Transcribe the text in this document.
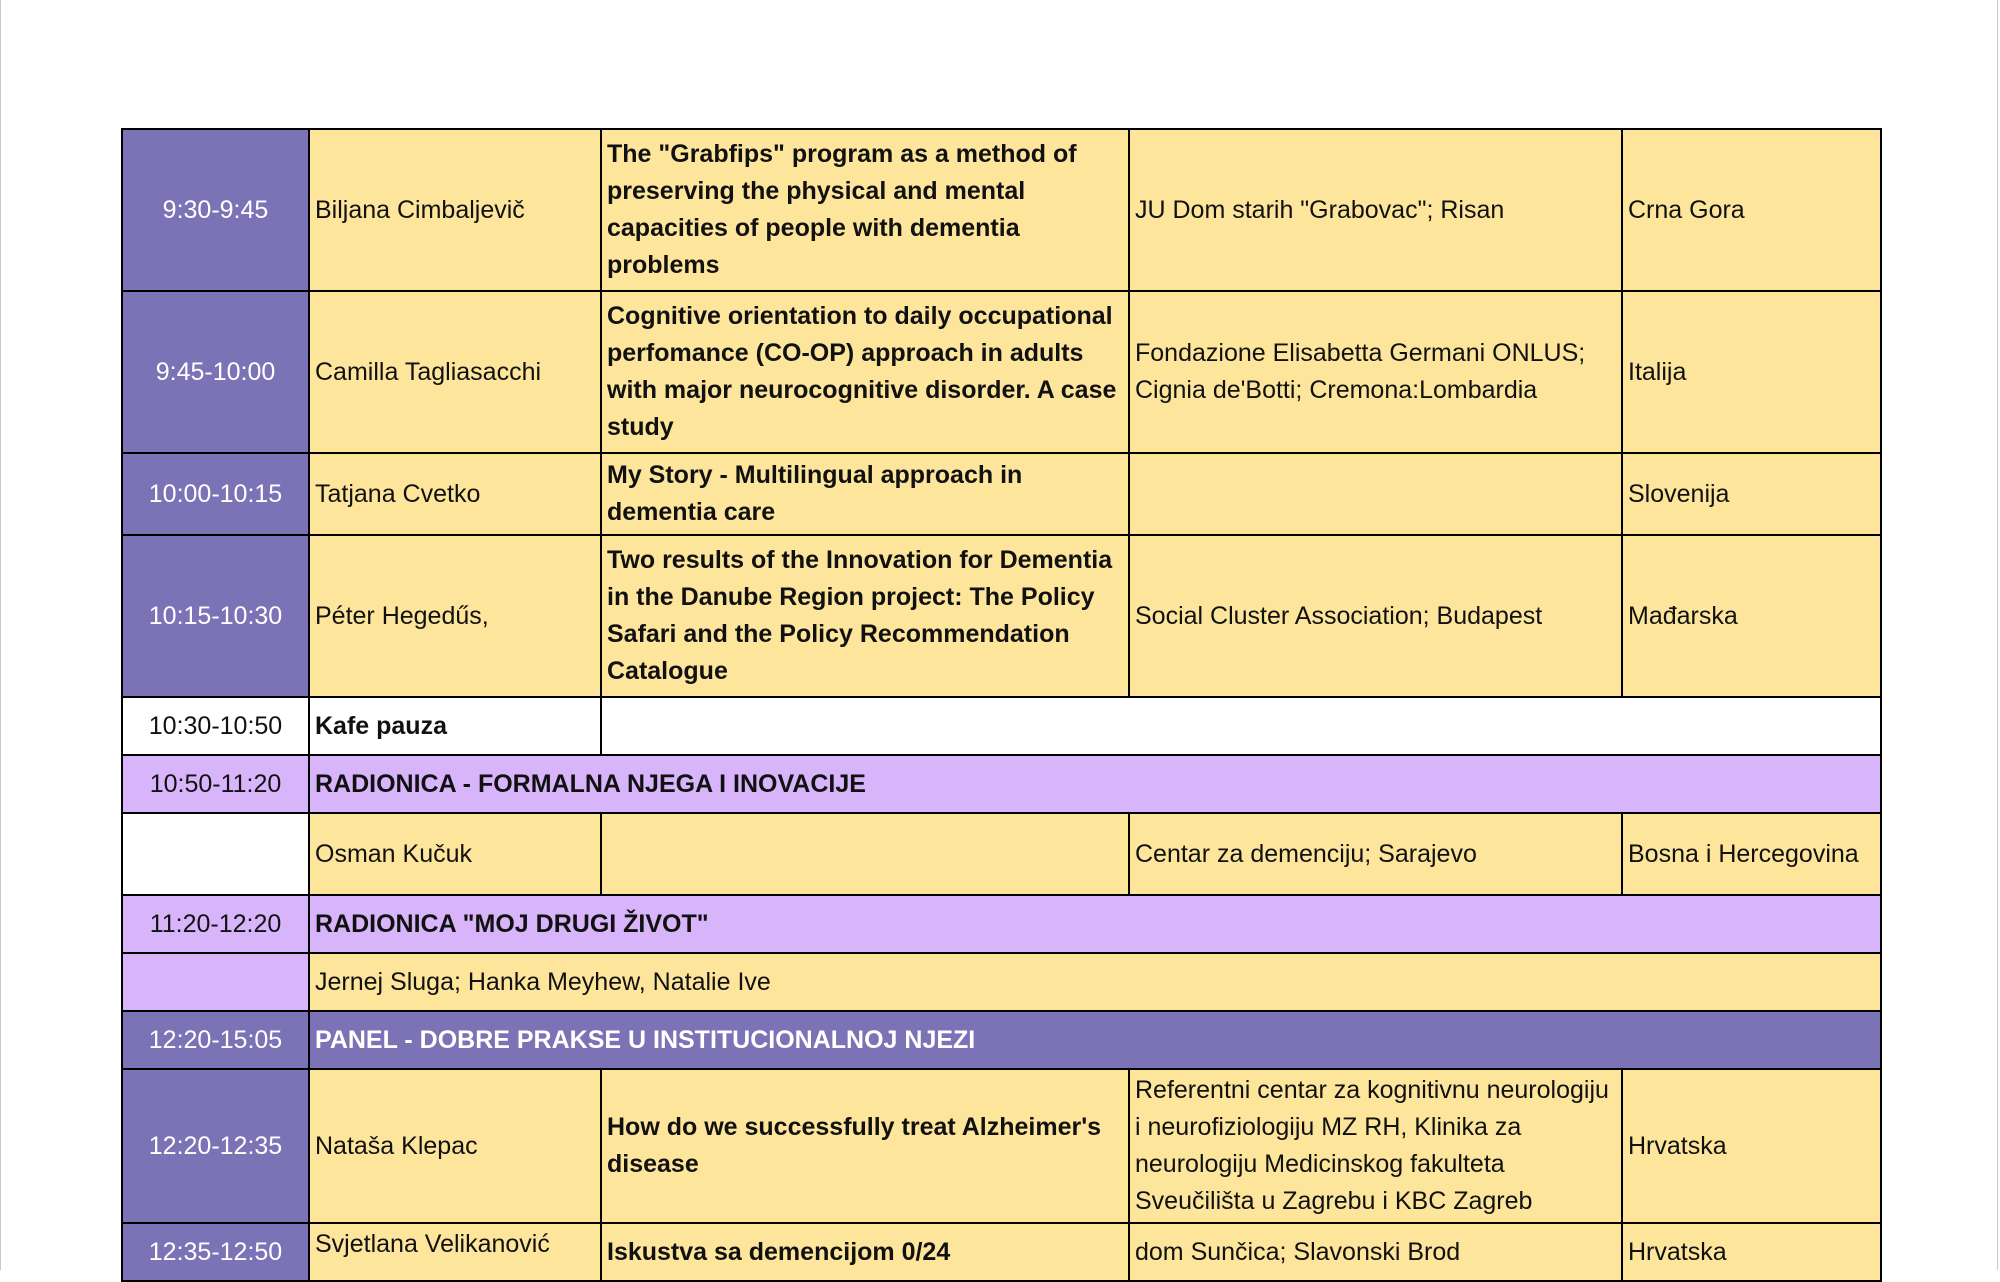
9:30-9:45	Biljana Cimbaljevič	The "Grabfips" program as a method of preserving the physical and mental capacities of people with dementia problems	JU Dom starih "Grabovac"; Risan	Crna Gora
9:45-10:00	Camilla Tagliasacchi	Cognitive orientation to daily occupational perfomance (CO-OP) approach in adults with major neurocognitive disorder. A case study	Fondazione Elisabetta Germani ONLUS; Cignia de'Botti; Cremona:Lombardia	Italija
10:00-10:15	Tatjana Cvetko	My Story - Multilingual approach in dementia care		Slovenija
10:15-10:30	Péter Hegedűs,	Two results of the Innovation for Dementia in the Danube Region project: The Policy Safari and the Policy Recommendation Catalogue	Social Cluster Association; Budapest	Mađarska
10:30-10:50	Kafe pauza			
10:50-11:20	RADIONICA - FORMALNA NJEGA I INOVACIJE			
	Osman Kučuk		Centar za demenciju; Sarajevo	Bosna i Hercegovina
11:20-12:20	RADIONICA "MOJ DRUGI ŽIVOT"			
	Jernej Sluga; Hanka Meyhew, Natalie Ive			
12:20-15:05	PANEL - DOBRE PRAKSE U INSTITUCIONALNOJ NJEZI			
12:20-12:35	Nataša Klepac	How do we successfully treat Alzheimer's disease	Referentni centar za kognitivnu neurologiju i neurofiziologiju MZ RH, Klinika za neurologiju Medicinskog fakulteta Sveučilišta u Zagrebu i KBC Zagreb	Hrvatska
12:35-12:50	Svjetlana Velikanović	Iskustva sa demencijom 0/24	dom Sunčica; Slavonski Brod	Hrvatska
